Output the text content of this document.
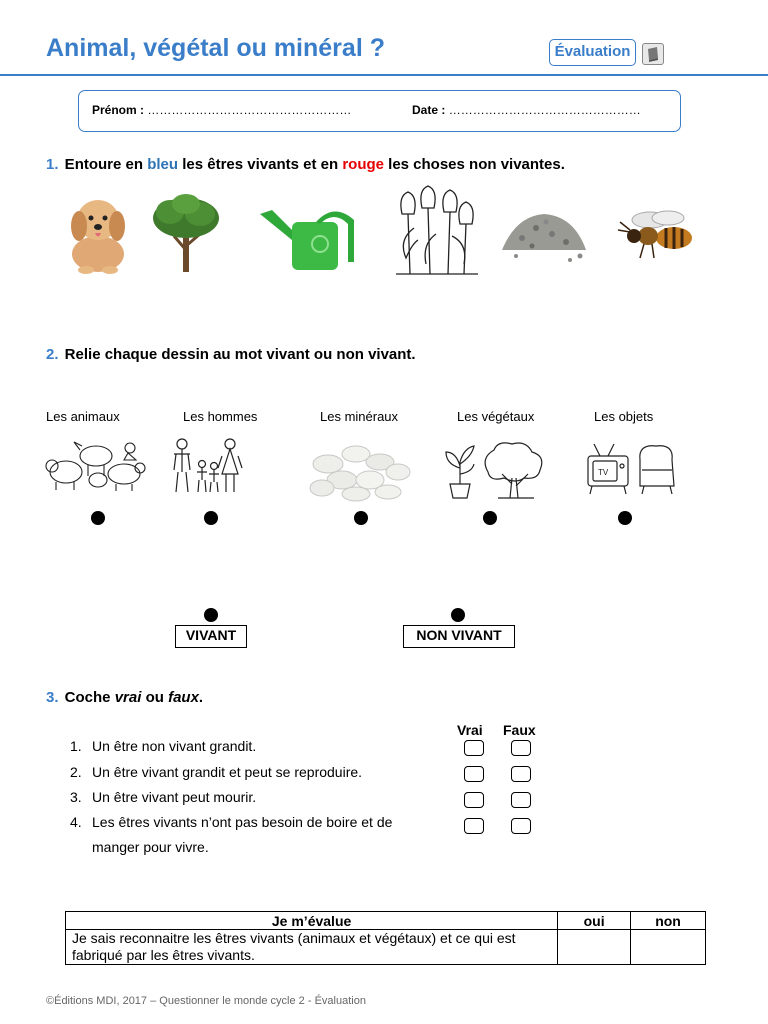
Animal, végétal ou minéral ?	Évaluation
Prénom : ……………………………………………	Date : …………………………………………
1. Entoure en bleu les êtres vivants et en rouge les choses non vivantes.
2. Relie chaque dessin au mot vivant ou non vivant.
Les animaux	Les hommes	Les minéraux	Les végétaux	Les objets
TV
VIVANT	NON VIVANT
3. Coche vrai ou faux.
Vrai Faux
1. Un être non vivant grandit.
2. Un être vivant grandit et peut se reproduire.
3. Un être vivant peut mourir.
4. Les êtres vivants n’ont pas besoin de boire et de
manger pour vivre.
Je m’évalue	oui	non
Je sais reconnaitre les êtres vivants (animaux et végétaux) et ce qui est fabriqué par les êtres vivants.		
©Éditions MDI, 2017 – Questionner le monde cycle 2 - Évaluation
